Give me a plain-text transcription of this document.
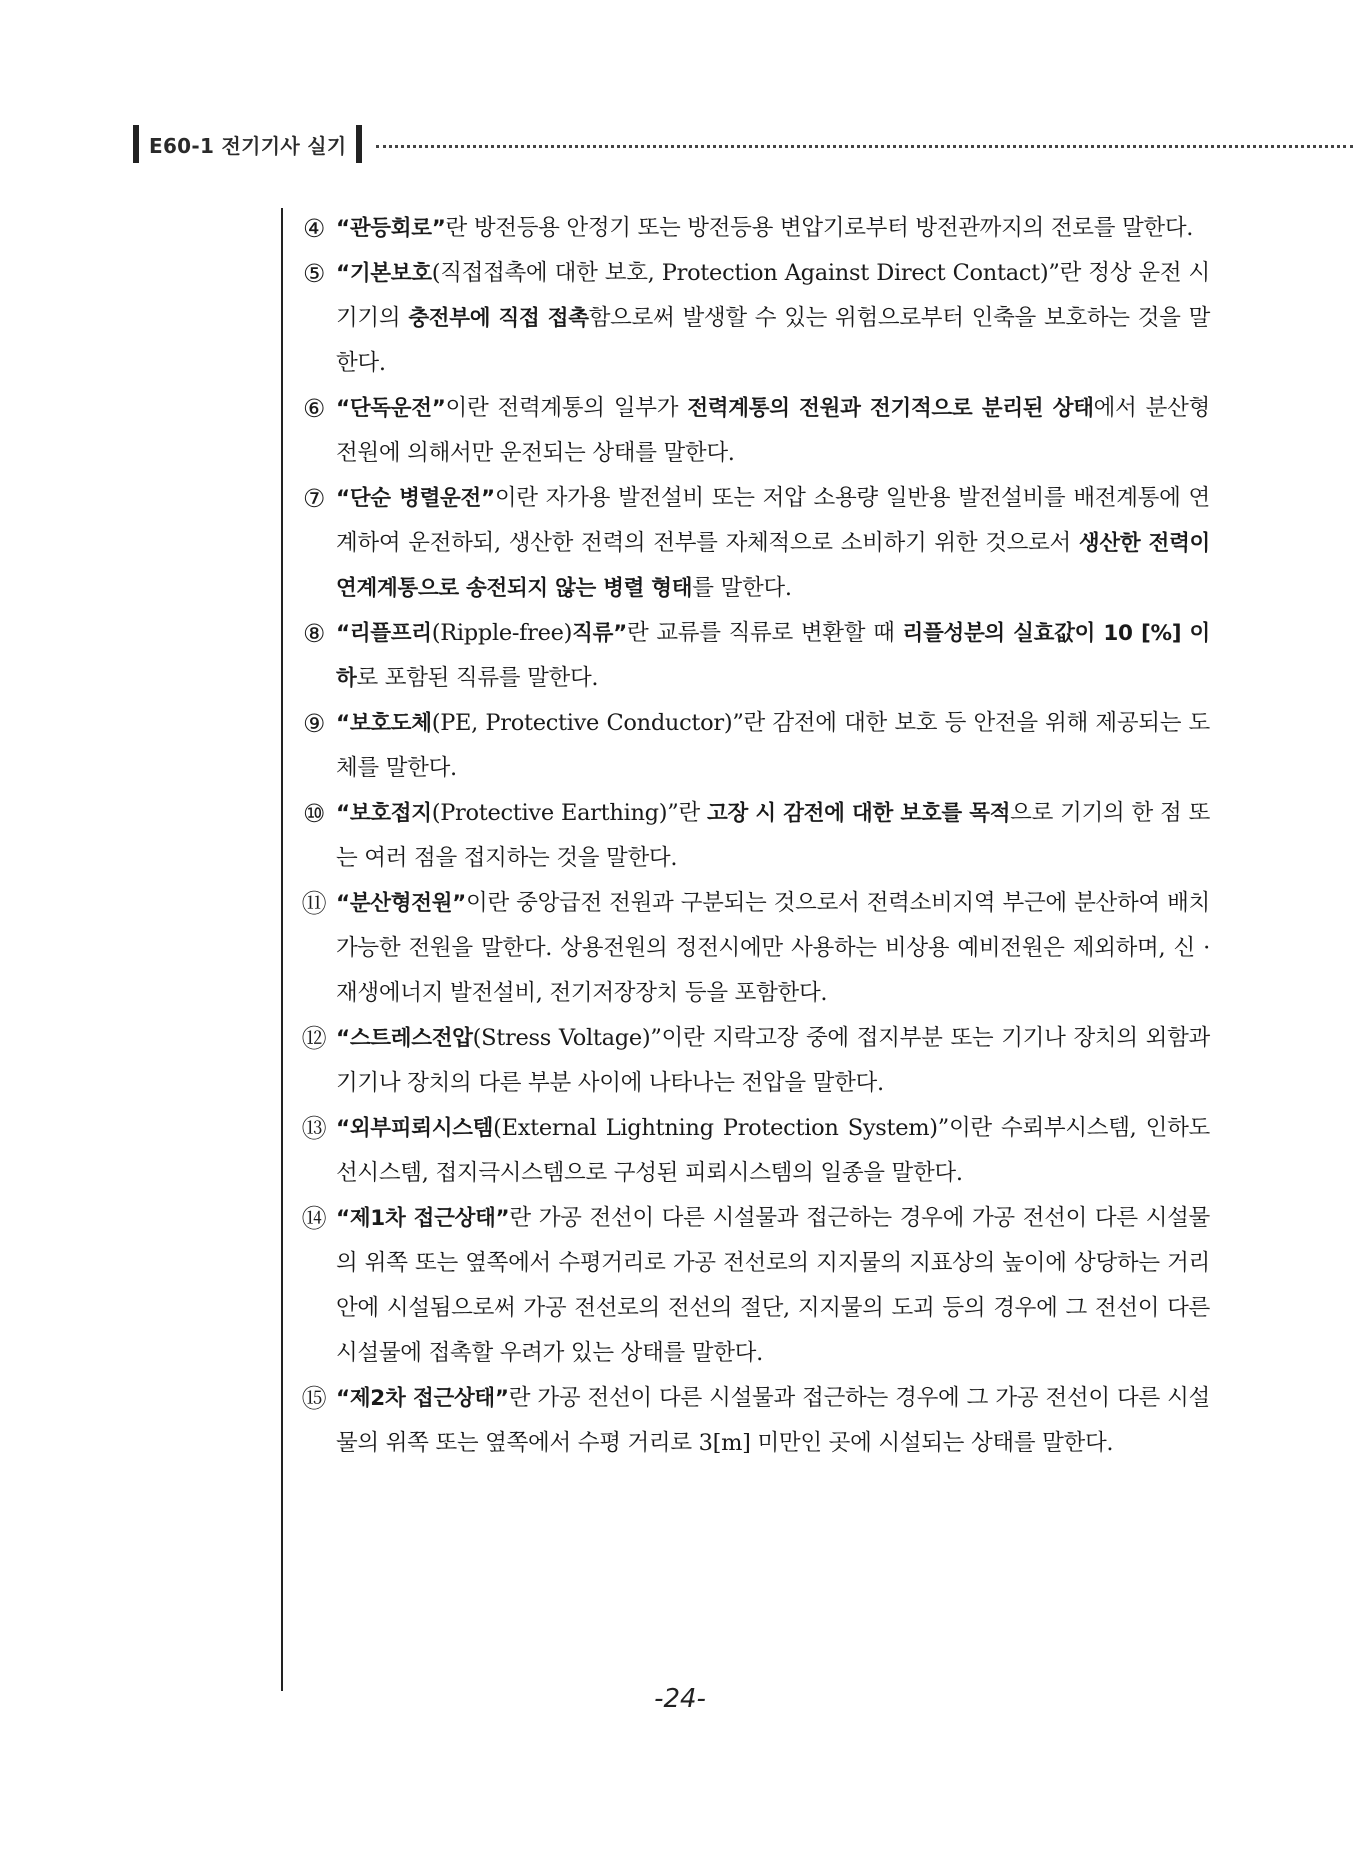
E60-1 전기기사 실기
④ “관등회로”란 방전등용 안정기 또는 방전등용 변압기로부터 방전관까지의 전로를 말한다.
⑤ “기본보호(직접접촉에 대한 보호, Protection Against Direct Contact)”란 정상 운전 시 기기의 충전부에 직접 접촉함으로써 발생할 수 있는 위험으로부터 인축을 보호하는 것을 말한다.
⑥ “단독운전”이란 전력계통의 일부가 전력계통의 전원과 전기적으로 분리된 상태에서 분산형전원에 의해서만 운전되는 상태를 말한다.
⑦ “단순 병렬운전”이란 자가용 발전설비 또는 저압 소용량 일반용 발전설비를 배전계통에 연계하여 운전하되, 생산한 전력의 전부를 자체적으로 소비하기 위한 것으로서 생산한 전력이 연계계통으로 송전되지 않는 병렬 형태를 말한다.
⑧ “리플프리(Ripple-free)직류”란 교류를 직류로 변환할 때 리플성분의 실효값이 10 [%] 이하로 포함된 직류를 말한다.
⑨ “보호도체(PE, Protective Conductor)”란 감전에 대한 보호 등 안전을 위해 제공되는 도체를 말한다.
⑩ “보호접지(Protective Earthing)”란 고장 시 감전에 대한 보호를 목적으로 기기의 한 점 또는 여러 점을 접지하는 것을 말한다.
⑪ “분산형전원”이란 중앙급전 전원과 구분되는 것으로서 전력소비지역 부근에 분산하여 배치 가능한 전원을 말한다. 상용전원의 정전시에만 사용하는 비상용 예비전원은 제외하며, 신 · 재생에너지 발전설비, 전기저장장치 등을 포함한다.
⑫ “스트레스전압(Stress Voltage)”이란 지락고장 중에 접지부분 또는 기기나 장치의 외함과 기기나 장치의 다른 부분 사이에 나타나는 전압을 말한다.
⑬ “외부피뢰시스템(External Lightning Protection System)”이란 수뢰부시스템, 인하도선시스템, 접지극시스템으로 구성된 피뢰시스템의 일종을 말한다.
⑭ “제1차 접근상태”란 가공 전선이 다른 시설물과 접근하는 경우에 가공 전선이 다른 시설물의 위쪽 또는 옆쪽에서 수평거리로 가공 전선로의 지지물의 지표상의 높이에 상당하는 거리 안에 시설됨으로써 가공 전선로의 전선의 절단, 지지물의 도괴 등의 경우에 그 전선이 다른 시설물에 접촉할 우려가 있는 상태를 말한다.
⑮ “제2차 접근상태”란 가공 전선이 다른 시설물과 접근하는 경우에 그 가공 전선이 다른 시설물의 위쪽 또는 옆쪽에서 수평 거리로 3[m] 미만인 곳에 시설되는 상태를 말한다.
-24-
